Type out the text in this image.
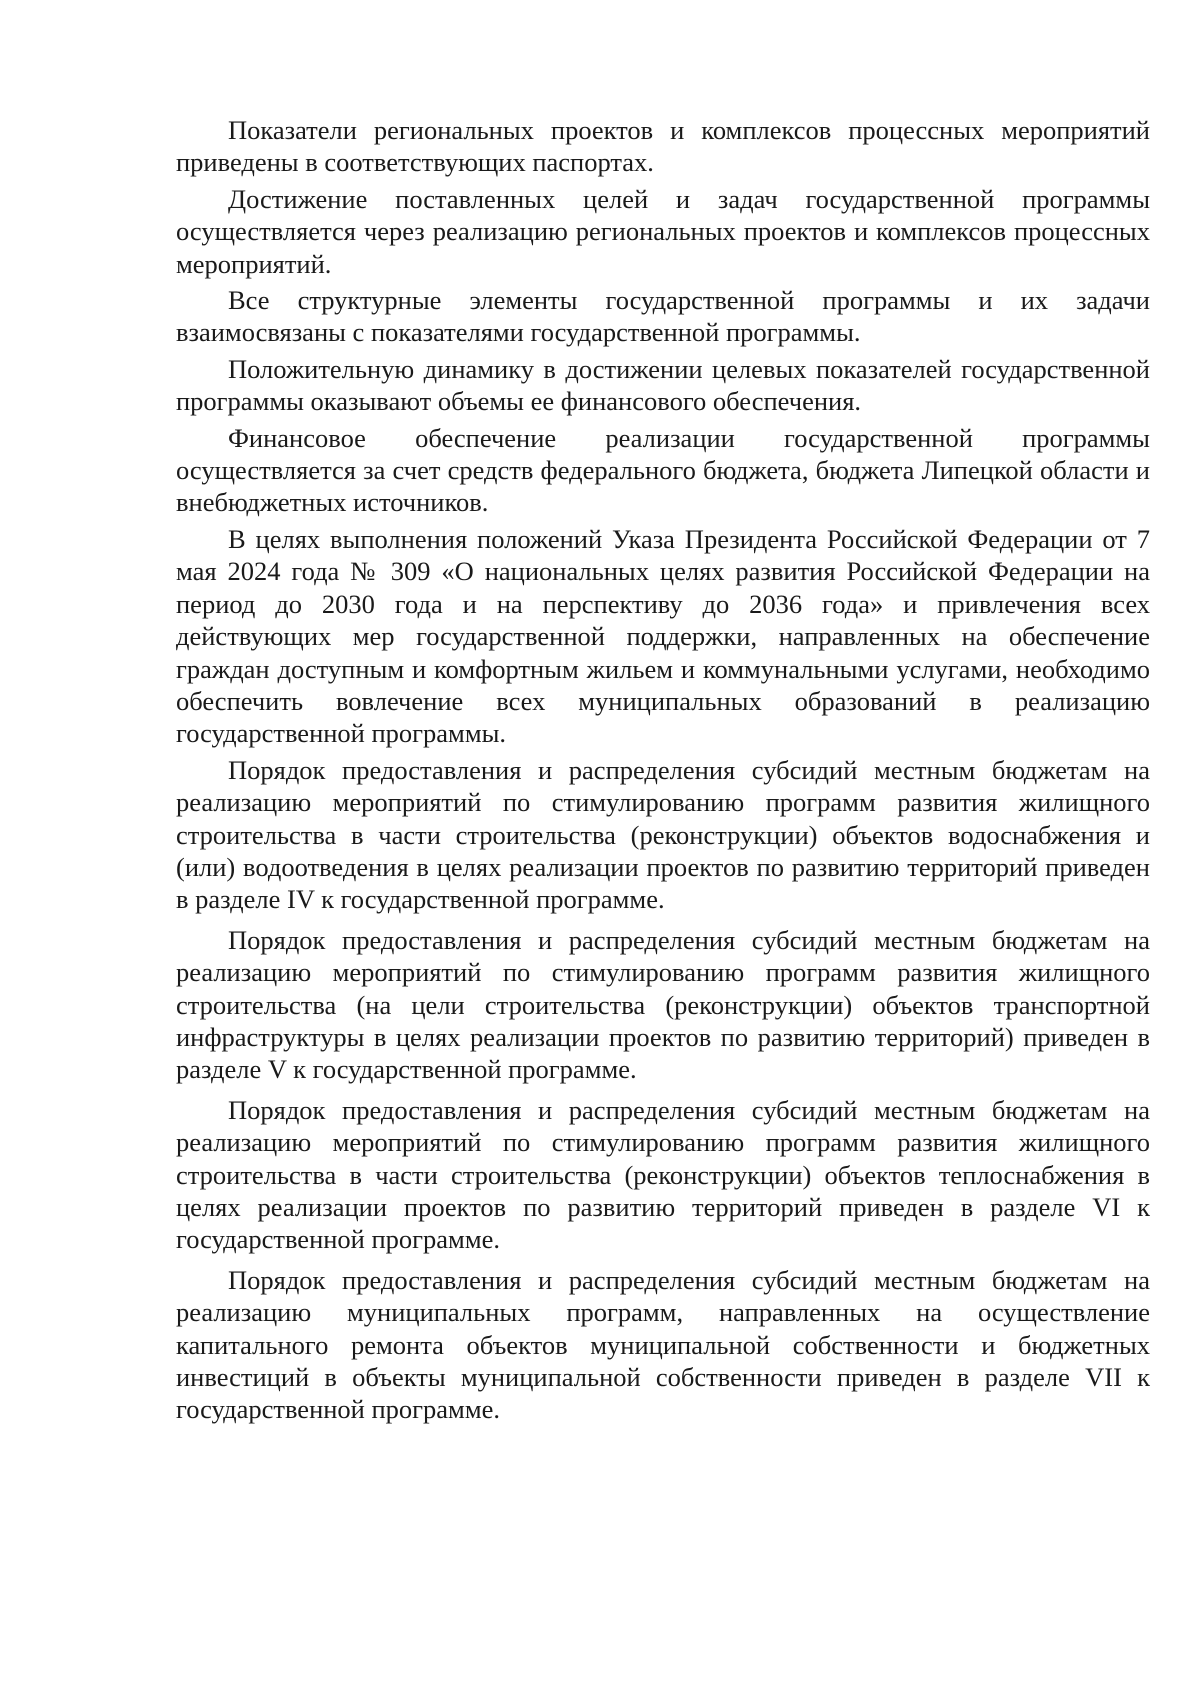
Показатели региональных проектов и комплексов процессных мероприятий приведены в соответствующих паспортах.

Достижение поставленных целей и задач государственной программы осуществляется через реализацию региональных проектов и комплексов процессных мероприятий.

Все структурные элементы государственной программы и их задачи взаимосвязаны с показателями государственной программы.

Положительную динамику в достижении целевых показателей государственной программы оказывают объемы ее финансового обеспечения.

Финансовое обеспечение реализации государственной программы осуществляется за счет средств федерального бюджета, бюджета Липецкой области и внебюджетных источников.

В целях выполнения положений Указа Президента Российской Федерации от 7 мая 2024 года № 309 «О национальных целях развития Российской Федерации на период до 2030 года и на перспективу до 2036 года» и привлечения всех действующих мер государственной поддержки, направленных на обеспечение граждан доступным и комфортным жильем и коммунальными услугами, необходимо обеспечить вовлечение всех муниципальных образований в реализацию государственной программы.

Порядок предоставления и распределения субсидий местным бюджетам на реализацию мероприятий по стимулированию программ развития жилищного строительства в части строительства (реконструкции) объектов водоснабжения и (или) водоотведения в целях реализации проектов по развитию территорий приведен в разделе IV к государственной программе.

Порядок предоставления и распределения субсидий местным бюджетам на реализацию мероприятий по стимулированию программ развития жилищного строительства (на цели строительства (реконструкции) объектов транспортной инфраструктуры в целях реализации проектов по развитию территорий) приведен в разделе V к государственной программе.

Порядок предоставления и распределения субсидий местным бюджетам на реализацию мероприятий по стимулированию программ развития жилищного строительства в части строительства (реконструкции) объектов теплоснабжения в целях реализации проектов по развитию территорий приведен в разделе VI к государственной программе.

Порядок предоставления и распределения субсидий местным бюджетам на реализацию муниципальных программ, направленных на осуществление капитального ремонта объектов муниципальной собственности и бюджетных инвестиций в объекты муниципальной собственности приведен в разделе VII к государственной программе.
